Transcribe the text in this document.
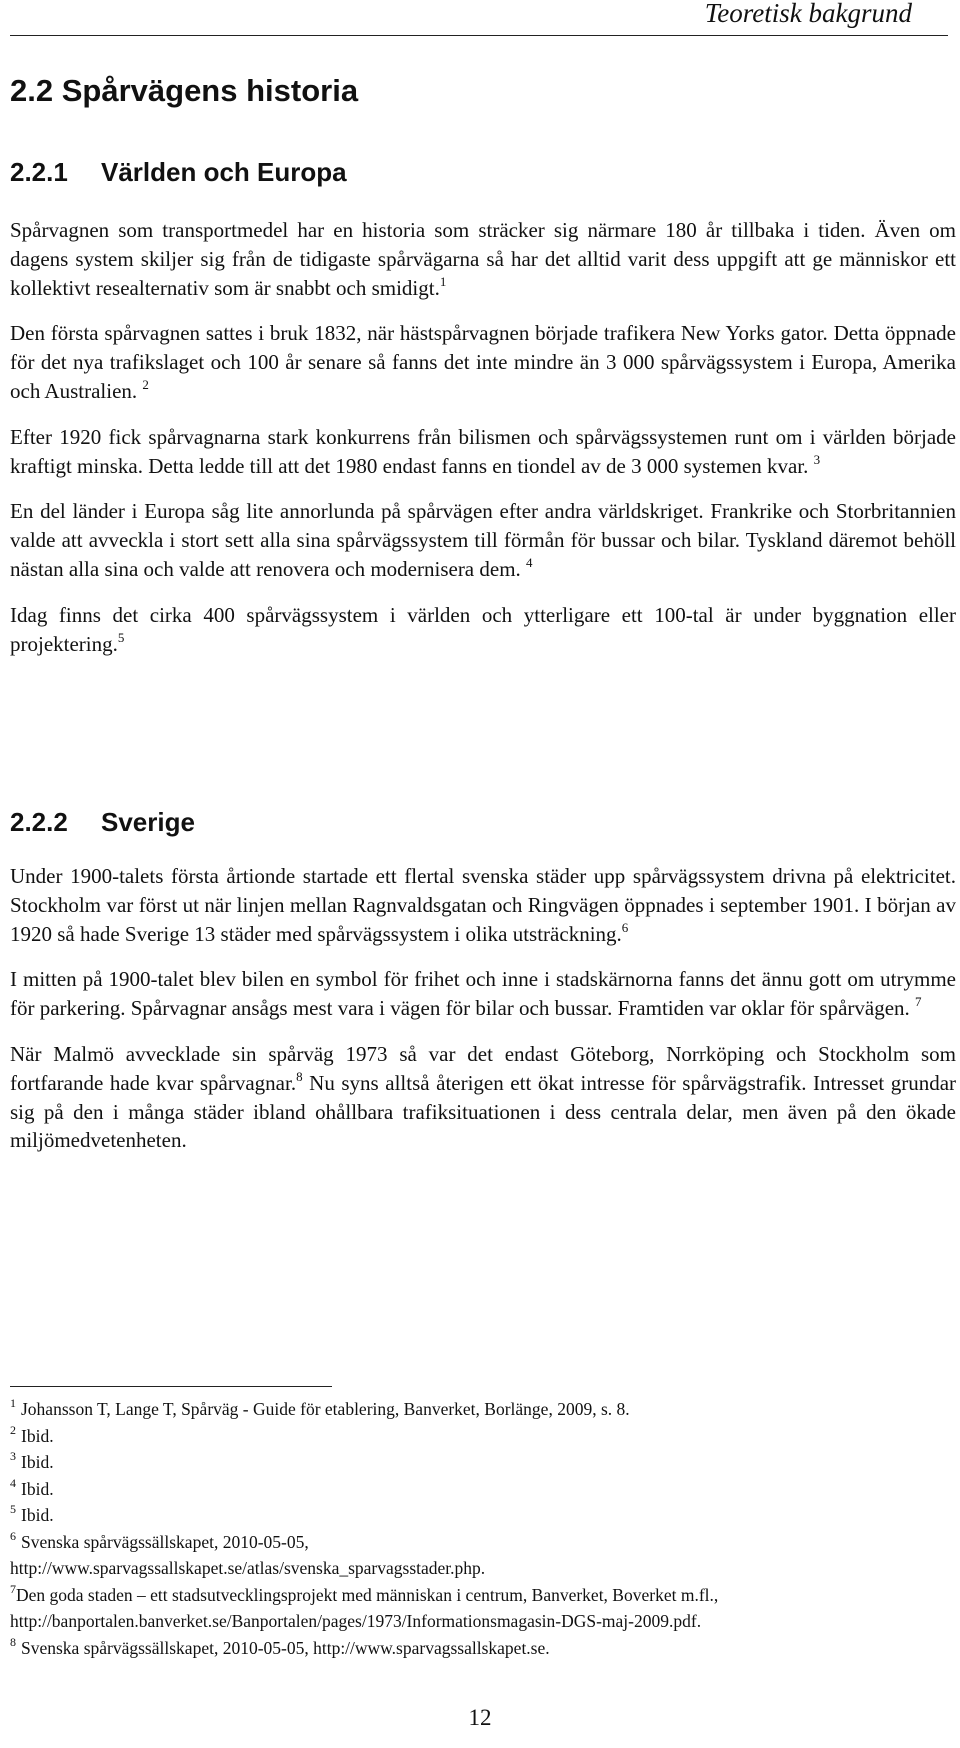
Teoretisk bakgrund

2.2 Spårvägens historia
2.2.1 Världen och Europa

Spårvagnen som transportmedel har en historia som sträcker sig närmare 180 år tillbaka i tiden. Även om dagens system skiljer sig från de tidigaste spårvägarna så har det alltid varit dess uppgift att ge människor ett kollektivt resealternativ som är snabbt och smidigt.$^1$

Den första spårvagnen sattes i bruk 1832, när hästspårvagnen började trafikera New Yorks gator. Detta öppnade för det nya trafikslaget och 100 år senare så fanns det inte mindre än 3 000 spårvägssystem i Europa, Amerika och Australien. $^2$

Efter 1920 fick spårvagnarna stark konkurrens från bilismen och spårvägssystemen runt om i världen började kraftigt minska. Detta ledde till att det 1980 endast fanns en tiondel av de 3 000 systemen kvar. $^3$

En del länder i Europa såg lite annorlunda på spårvägen efter andra världskriget. Frankrike och Storbritannien valde att avveckla i stort sett alla sina spårvägssystem till förmån för bussar och bilar. Tyskland däremot behöll nästan alla sina och valde att renovera och modernisera dem. $^4$

Idag finns det cirka 400 spårvägssystem i världen och ytterligare ett 100-tal är under byggnation eller projektering.$^5$

2.2.2 Sverige

Under 1900-talets första årtionde startade ett flertal svenska städer upp spårvägssystem drivna på elektricitet. Stockholm var först ut när linjen mellan Ragnvaldsgatan och Ringvägen öppnades i september 1901. I början av 1920 så hade Sverige 13 städer med spårvägssystem i olika utsträckning.$^6$

I mitten på 1900-talet blev bilen en symbol för frihet och inne i stadskärnorna fanns det ännu gott om utrymme för parkering. Spårvagnar ansågs mest vara i vägen för bilar och bussar. Framtiden var oklar för spårvägen. $^7$

När Malmö avvecklade sin spårväg 1973 så var det endast Göteborg, Norrköping och Stockholm som fortfarande hade kvar spårvagnar.$^8$ Nu syns alltså återigen ett ökat intresse för spårvägstrafik. Intresset grundar sig på den i många städer ibland ohållbara trafiksituationen i dess centrala delar, men även på den ökade miljömedvetenheten.

$^1$ Johansson T, Lange T, Spårväg - Guide för etablering, Banverket, Borlänge, 2009, s. 8.

$^2$ Ibid.

$^3$ Ibid.

$^4$ Ibid.

$^5$ Ibid.

$^6$ Svenska spårvägssällskapet, 2010-05-05,

http://www.sparvagssallskapet.se/atlas/svenska_sparvagsstader.php.

$^7$Den goda staden – ett stadsutvecklingsprojekt med människan i centrum, Banverket, Boverket m.fl.,

http://banportalen.banverket.se/Banportalen/pages/1973/Informationsmagasin-DGS-maj-2009.pdf.

$^8$ Svenska spårvägssällskapet, 2010-05-05, http://www.sparvagssallskapet.se.

12
